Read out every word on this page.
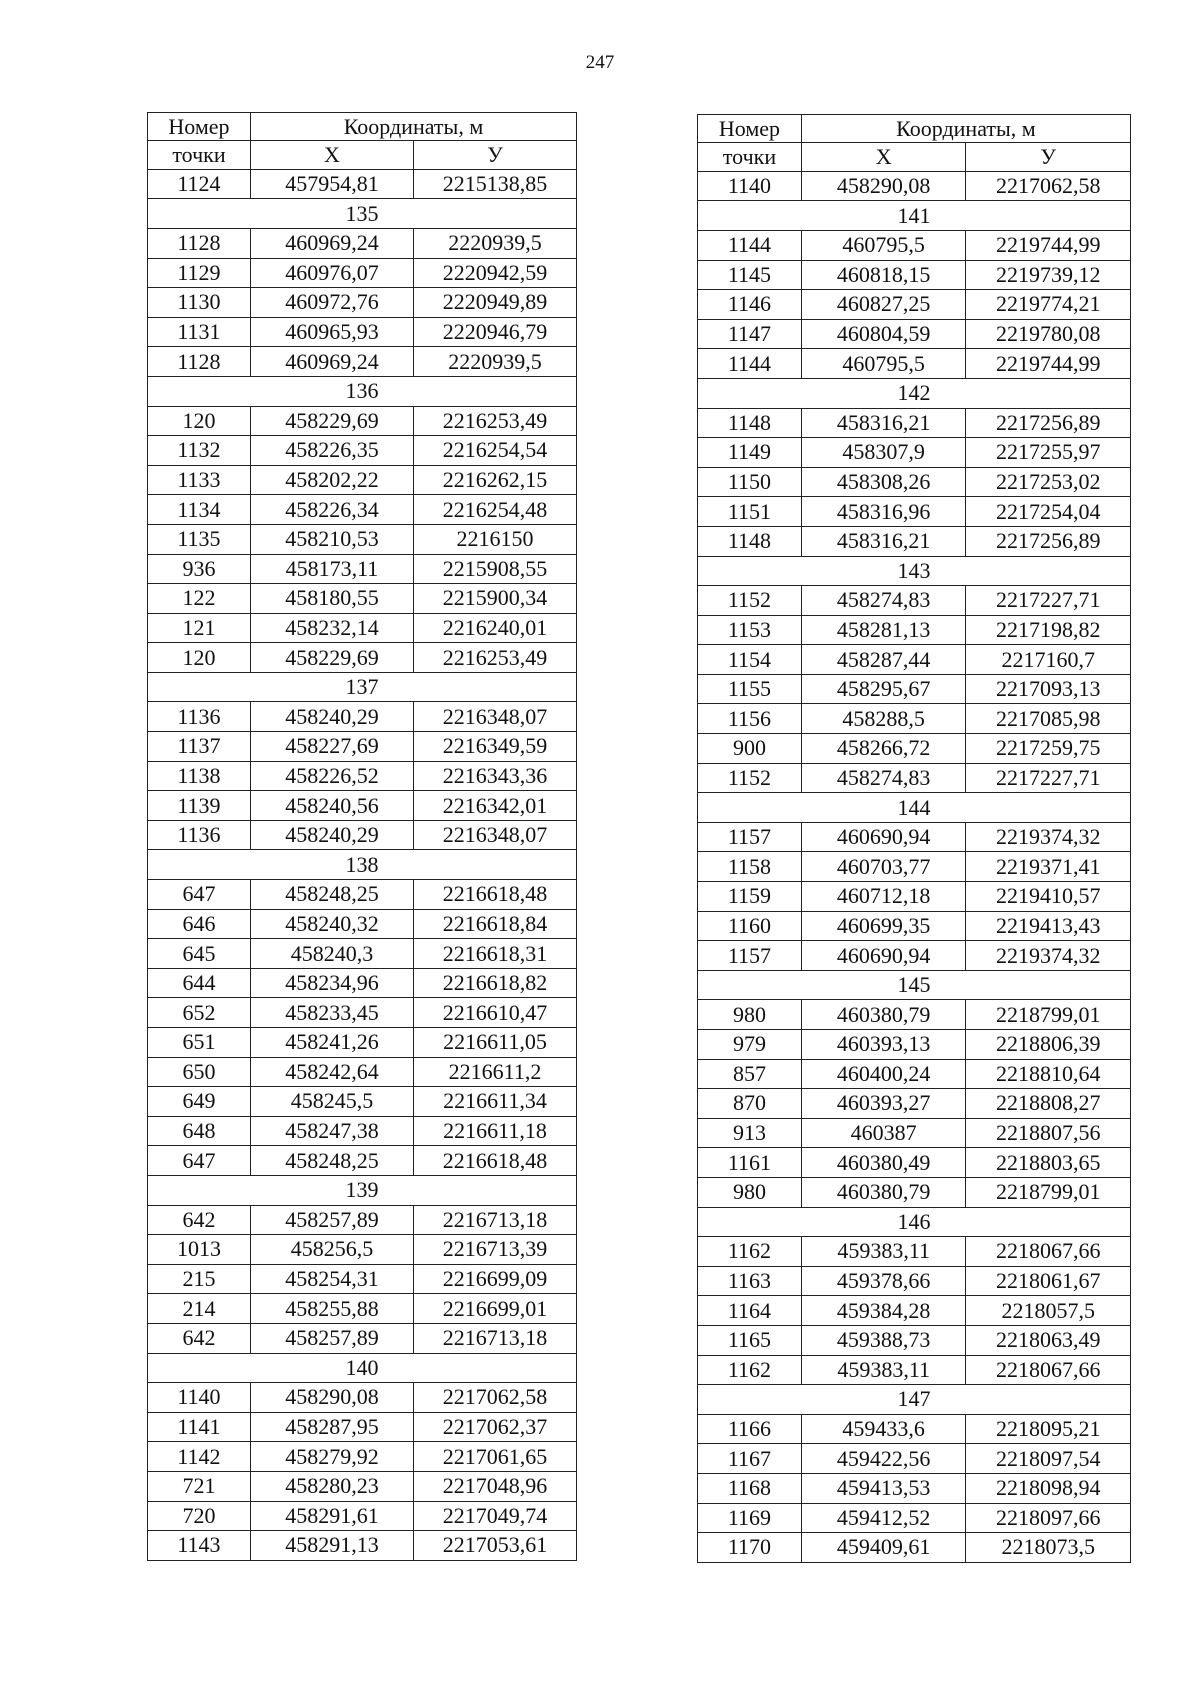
247
Номер	Координаты, м	
точки	X	У
1124	457954,81	2215138,85
135		
1128	460969,24	2220939,5
1129	460976,07	2220942,59
1130	460972,76	2220949,89
1131	460965,93	2220946,79
1128	460969,24	2220939,5
136		
120	458229,69	2216253,49
1132	458226,35	2216254,54
1133	458202,22	2216262,15
1134	458226,34	2216254,48
1135	458210,53	2216150
936	458173,11	2215908,55
122	458180,55	2215900,34
121	458232,14	2216240,01
120	458229,69	2216253,49
137		
1136	458240,29	2216348,07
1137	458227,69	2216349,59
1138	458226,52	2216343,36
1139	458240,56	2216342,01
1136	458240,29	2216348,07
138		
647	458248,25	2216618,48
646	458240,32	2216618,84
645	458240,3	2216618,31
644	458234,96	2216618,82
652	458233,45	2216610,47
651	458241,26	2216611,05
650	458242,64	2216611,2
649	458245,5	2216611,34
648	458247,38	2216611,18
647	458248,25	2216618,48
139		
642	458257,89	2216713,18
1013	458256,5	2216713,39
215	458254,31	2216699,09
214	458255,88	2216699,01
642	458257,89	2216713,18
140		
1140	458290,08	2217062,58
1141	458287,95	2217062,37
1142	458279,92	2217061,65
721	458280,23	2217048,96
720	458291,61	2217049,74
1143	458291,13	2217053,61
Номер	Координаты, м	
точки	X	У
1140	458290,08	2217062,58
141		
1144	460795,5	2219744,99
1145	460818,15	2219739,12
1146	460827,25	2219774,21
1147	460804,59	2219780,08
1144	460795,5	2219744,99
142		
1148	458316,21	2217256,89
1149	458307,9	2217255,97
1150	458308,26	2217253,02
1151	458316,96	2217254,04
1148	458316,21	2217256,89
143		
1152	458274,83	2217227,71
1153	458281,13	2217198,82
1154	458287,44	2217160,7
1155	458295,67	2217093,13
1156	458288,5	2217085,98
900	458266,72	2217259,75
1152	458274,83	2217227,71
144		
1157	460690,94	2219374,32
1158	460703,77	2219371,41
1159	460712,18	2219410,57
1160	460699,35	2219413,43
1157	460690,94	2219374,32
145		
980	460380,79	2218799,01
979	460393,13	2218806,39
857	460400,24	2218810,64
870	460393,27	2218808,27
913	460387	2218807,56
1161	460380,49	2218803,65
980	460380,79	2218799,01
146		
1162	459383,11	2218067,66
1163	459378,66	2218061,67
1164	459384,28	2218057,5
1165	459388,73	2218063,49
1162	459383,11	2218067,66
147		
1166	459433,6	2218095,21
1167	459422,56	2218097,54
1168	459413,53	2218098,94
1169	459412,52	2218097,66
1170	459409,61	2218073,5
